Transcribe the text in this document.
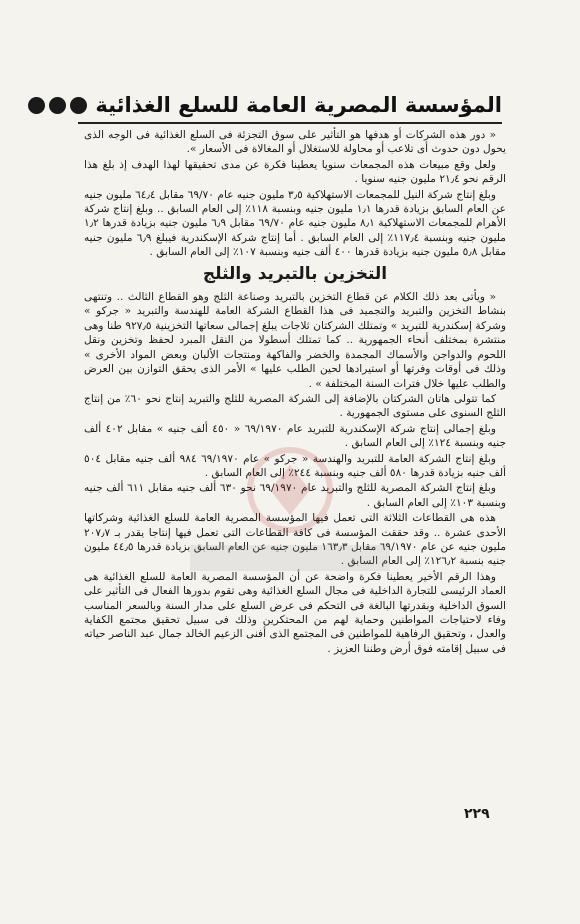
المؤسسة المصرية العامة للسلع الغذائية

« دور هذه الشركات أو هدفها هو التأثير على سوق التجزئة فى السلع الغذائية فى الوجه الذى يحول دون حدوث أى تلاعب أو محاولة للاستغلال أو المغالاة فى الأسعار ».

ولعل وقع مبيعات هذه المجمعات سنويا يعطينا فكرة عن مدى تحقيقها لهذا الهدف إذ بلغ هذا الرقم نحو ٢١٫٤ مليون جنيه سنويا .

وبلغ إنتاج شركة النيل للمجمعات الاستهلاكية ٣٫٥ مليون جنيه عام ٦٩/٧٠ مقابل ٦٤٫٤ مليون جنيه عن العام السابق بزيادة قدرها ١٫١ مليون جنيه وبنسبة ١١٨٪ إلى العام السابق .. وبلغ إنتاج شركة الأهرام للمجمعات الاستهلاكية ٨٫١ مليون جنيه عام ٦٩/٧٠ مقابل ٦٫٩ مليون جنيه بزيادة قدرها ١٫٢ مليون جنيه وبنسبة ١١٧٫٤٪ إلى العام السابق . أما إنتاج شركة الإسكندرية فيبلغ ٦٫٩ مليون جنيه مقابل ٥٫٨ مليون جنيه بزيادة قدرها ٤٠٠ ألف جنيه وبنسبة ١٠٧٪ إلى العام السابق .

التخزين بالتبريد والثلج

« ويأتى بعد ذلك الكلام عن قطاع التخزين بالتبريد وصناعة الثلج وهو القطاع الثالث .. وتنتهى بنشاط التخزين والتبريد والتجميد فى هذا القطاع الشركة العامة للهندسة والتبريد « جركو » وشركة إسكندرية للتبريد » وتمتلك الشركتان ثلاجات يبلغ إجمالى سعاتها التخزينية ٩٢٧٫٥ طنا وهى منتشرة بمختلف أنحاء الجمهورية .. كما تمتلك أسطولا من النقل المبرد لحفظ وتخزين ونقل اللحوم والدواجن والأسماك المجمدة والخضر والفاكهة ومنتجات الألبان وبعض المواد الأخرى » وذلك فى أوقات وفرتها أو استيرادها لحين الطلب عليها » الأمر الذى يحقق التوازن بين العرض والطلب عليها خلال فترات السنة المختلفة » .

كما تتولى هاتان الشركتان بالإضافة إلى الشركة المصرية للثلج والتبريد إنتاج نحو ٦٠٪ من إنتاج الثلج السنوى على مستوى الجمهورية .

وبلغ إجمالى إنتاج شركة الإسكندرية للتبريد عام ٦٩/١٩٧٠ « ٤٥٠ ألف جنيه » مقابل ٤٠٢ ألف جنيه وبنسبة ١٢٤٪ إلى العام السابق .

وبلغ إنتاج الشركة العامة للتبريد والهندسة « جركو » عام ٦٩/١٩٧٠ ٩٨٤ ألف جنيه مقابل ٥٠٤ ألف جنيه بزيادة قدرها ٥٨٠ ألف جنيه وبنسبة ٢٤٤٪ إلى العام السابق .

وبلغ إنتاج الشركة المصرية للثلج والتبريد عام ٦٩/١٩٧٠ نحو ٦٣٠ ألف جنيه مقابل ٦١١ ألف جنيه وبنسبة ١٠٣٪ إلى العام السابق .

هذه هى القطاعات الثلاثة التى تعمل فيها المؤسسة المصرية العامة للسلع الغذائية وشركاتها الأحدى عشرة .. وقد حققت المؤسسة فى كافة القطاعات التى تعمل فيها إنتاجا يقدر بـ ٢٠٧٫٧ مليون جنيه عن عام ٦٩/١٩٧٠ مقابل ١٦٣٫٣ مليون جنيه عن العام السابق بزيادة قدرها ٤٤٫٥ مليون جنيه بنسبة ١٢٦٫٢٪ إلى العام السابق .

وهذا الرقم الأخير يعطينا فكرة واضحة عن أن المؤسسة المصرية العامة للسلع الغذائية هى العماد الرئيسى للتجارة الداخلية فى مجال السلع الغذائية وهى تقوم بدورها الفعال فى التأثير على السوق الداخلية وبقدرتها البالغة فى التحكم فى عرض السلع على مدار السنة وبالسعر المناسب وفاء لاحتياجات المواطنين وحماية لهم من المحتكرين وذلك فى سبيل تحقيق مجتمع الكفاية والعدل ، وتحقيق الرفاهية للمواطنين فى المجتمع الذى أفنى الزعيم الخالد جمال عبد الناصر حياته فى سبيل إقامته فوق أرض وطننا العزيز .

٢٢٩
